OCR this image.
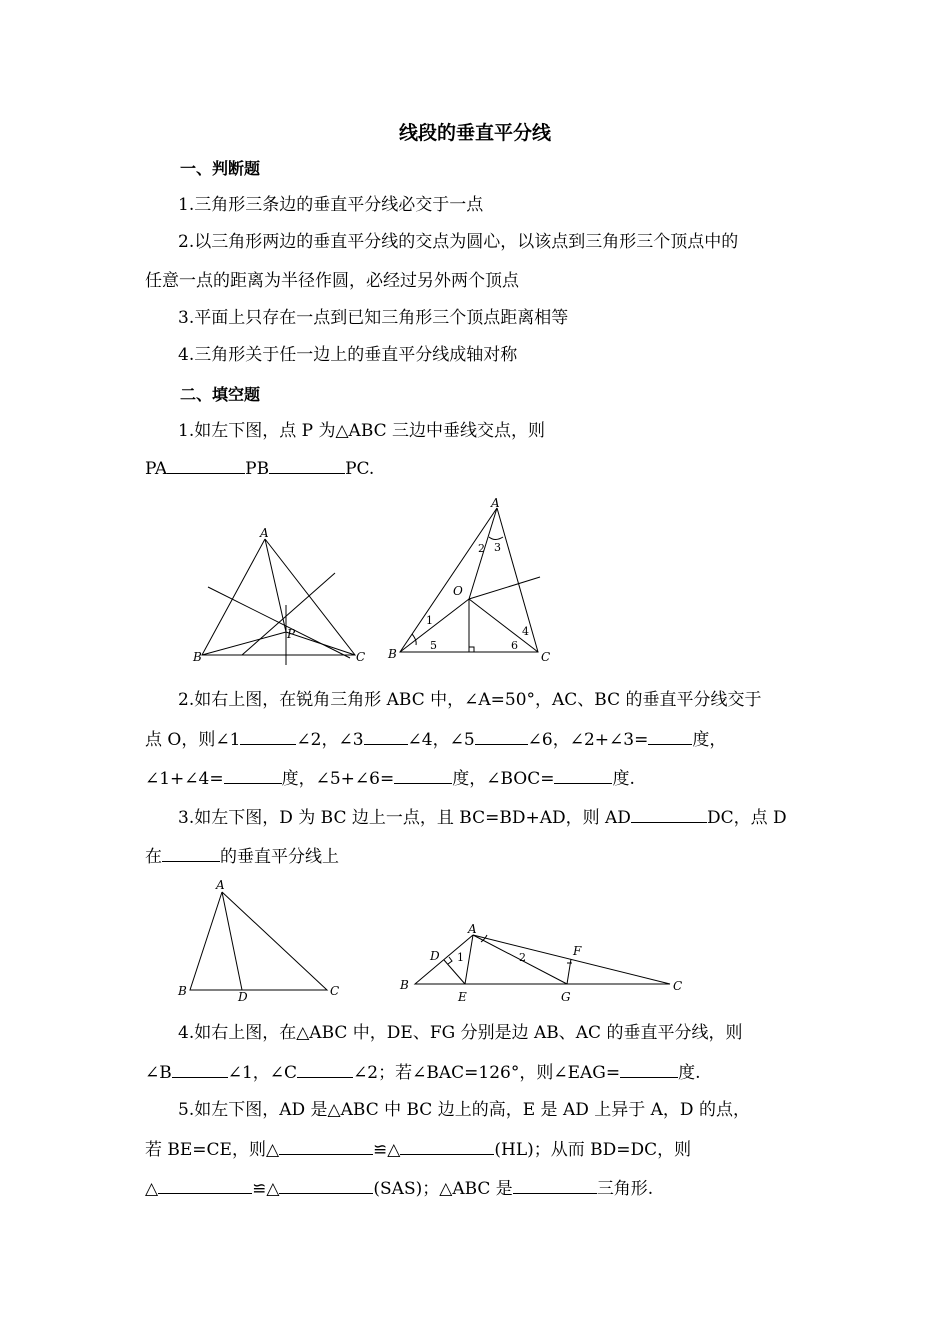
线段的垂直平分线
一、判断题
1.三角形三条边的垂直平分线必交于一点
2.以三角形两边的垂直平分线的交点为圆心，以该点到三角形三个顶点中的
任意一点的距离为半径作圆，必经过另外两个顶点
3.平面上只存在一点到已知三角形三个顶点距离相等
4.三角形关于任一边上的垂直平分线成轴对称
二、填空题
1.如左下图，点 P 为△ABC 三边中垂线交点，则
PA	PB	PC.
A
B	C
P
A
B	C
O
1
2 3
4
5	6
2.如右上图，在锐角三角形 ABC 中，∠A=50°，AC、BC 的垂直平分线交于
点 O，则∠1	∠2，∠3	∠4，∠5	∠6，∠2+∠3=	度，
∠1+∠4=	度，∠5+∠6=	度，∠BOC=	度.
3.如左下图，D 为 BC 边上一点，且 BC=BD+AD，则 AD	DC，点 D
在	的垂直平分线上
A
B	C
D
A
B	C
D
E
F
G
1	2
4.如右上图，在△ABC 中，DE、FG 分别是边 AB、AC 的垂直平分线，则
∠B	∠1，∠C	∠2；若∠BAC=126°，则∠EAG=	度.
5.如左下图，AD 是△ABC 中 BC 边上的高，E 是 AD 上异于 A，D 的点，
若 BE=CE，则△	≌△	(HL)；从而 BD=DC，则
△	≌△	(SAS)；△ABC 是	三角形.
